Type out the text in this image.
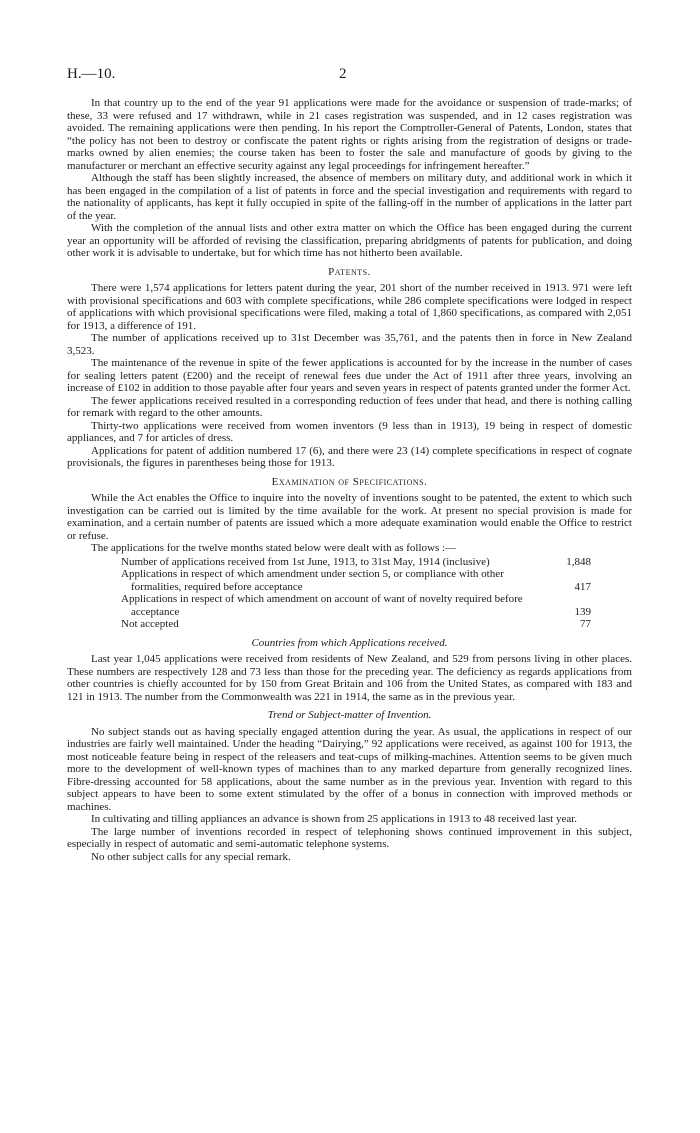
H.—10.	2

In that country up to the end of the year 91 applications were made for the avoidance or suspension of trade-marks; of these, 33 were refused and 17 withdrawn, while in 21 cases registration was suspended, and in 12 cases registration was avoided. The remaining applications were then pending. In his report the Comptroller-General of Patents, London, states that “the policy has not been to destroy or confiscate the patent rights or rights arising from the registration of designs or trade-marks owned by alien enemies; the course taken has been to foster the sale and manufacture of goods by giving to the manufacturer or merchant an effective security against any legal proceedings for infringement hereafter.”

Although the staff has been slightly increased, the absence of members on military duty, and additional work in which it has been engaged in the compilation of a list of patents in force and the special investigation and requirements with regard to the nationality of applicants, has kept it fully occupied in spite of the falling-off in the number of applications in the latter part of the year.

With the completion of the annual lists and other extra matter on which the Office has been engaged during the current year an opportunity will be afforded of revising the classification, preparing abridgments of patents for publication, and doing other work it is advisable to undertake, but for which time has not hitherto been available.

Patents.

There were 1,574 applications for letters patent during the year, 201 short of the number received in 1913. 971 were left with provisional specifications and 603 with complete specifications, while 286 complete specifications were lodged in respect of applications with which provisional specifications were filed, making a total of 1,860 specifications, as compared with 2,051 for 1913, a difference of 191.

The number of applications received up to 31st December was 35,761, and the patents then in force in New Zealand 3,523.

The maintenance of the revenue in spite of the fewer applications is accounted for by the increase in the number of cases for sealing letters patent (£200) and the receipt of renewal fees due under the Act of 1911 after three years, involving an increase of £102 in addition to those payable after four years and seven years in respect of patents granted under the former Act.

The fewer applications received resulted in a corresponding reduction of fees under that head, and there is nothing calling for remark with regard to the other amounts.

Thirty-two applications were received from women inventors (9 less than in 1913), 19 being in respect of domestic appliances, and 7 for articles of dress.

Applications for patent of addition numbered 17 (6), and there were 23 (14) complete specifications in respect of cognate provisionals, the figures in parentheses being those for 1913.

Examination of Specifications.

While the Act enables the Office to inquire into the novelty of inventions sought to be patented, the extent to which such investigation can be carried out is limited by the time available for the work. At present no special provision is made for examination, and a certain number of patents are issued which a more adequate examination would enable the Office to restrict or refuse.

The applications for the twelve months stated below were dealt with as follows :—

Number of applications received from 1st June, 1913, to 31st May, 1914 (inclusive)	1,848
Applications in respect of which amendment under section 5, or compliance with other formalities, required before acceptance	417
Applications in respect of which amendment on account of want of novelty required before acceptance	139
Not accepted	77
Countries from which Applications received.

Last year 1,045 applications were received from residents of New Zealand, and 529 from persons living in other places. These numbers are respectively 128 and 73 less than those for the preceding year. The deficiency as regards applications from other countries is chiefly accounted for by 150 from Great Britain and 106 from the United States, as compared with 183 and 121 in 1913. The number from the Commonwealth was 221 in 1914, the same as in the previous year.

Trend or Subject-matter of Invention.

No subject stands out as having specially engaged attention during the year. As usual, the applications in respect of our industries are fairly well maintained. Under the heading “Dairying,” 92 applications were received, as against 100 for 1913, the most noticeable feature being in respect of the releasers and teat-cups of milking-machines. Attention seems to be given much more to the development of well-known types of machines than to any marked departure from generally recognized lines. Fibre-dressing accounted for 58 applications, about the same number as in the previous year. Invention with regard to this subject appears to have been to some extent stimulated by the offer of a bonus in connection with improved methods or machines.

In cultivating and tilling appliances an advance is shown from 25 applications in 1913 to 48 received last year.

The large number of inventions recorded in respect of telephoning shows continued improvement in this subject, especially in respect of automatic and semi-automatic telephone systems.

No other subject calls for any special remark.
